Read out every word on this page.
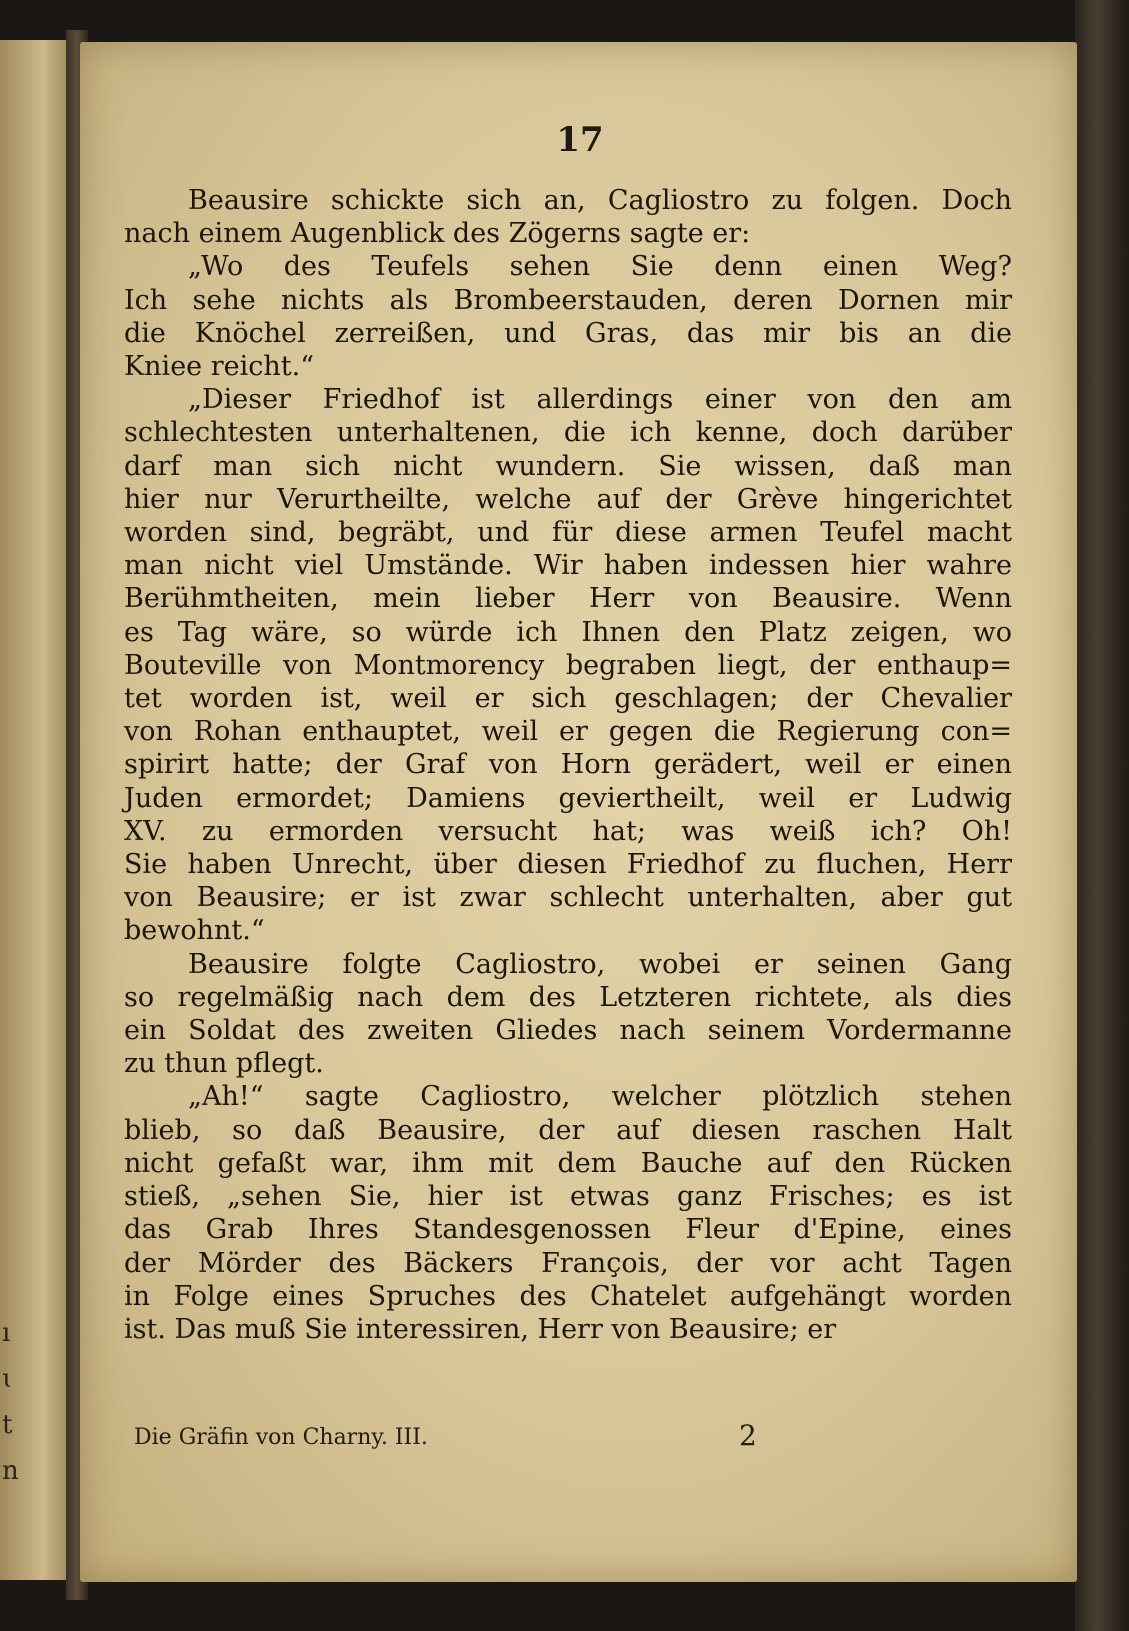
ı
ɩ
t
n
17
Beausire schickte sich an, Cagliostro zu folgen. Doch
nach einem Augenblick des Zögerns sagte er:
„Wo des Teufels sehen Sie denn einen Weg?
Ich sehe nichts als Brombeerstauden, deren Dornen mir
die Knöchel zerreißen, und Gras, das mir bis an die
Kniee reicht.“
„Dieser Friedhof ist allerdings einer von den am
schlechtesten unterhaltenen, die ich kenne, doch darüber
darf man sich nicht wundern. Sie wissen, daß man
hier nur Verurtheilte, welche auf der Grève hingerichtet
worden sind, begräbt, und für diese armen Teufel macht
man nicht viel Umstände. Wir haben indessen hier wahre
Berühmtheiten, mein lieber Herr von Beausire. Wenn
es Tag wäre, so würde ich Ihnen den Platz zeigen, wo
Bouteville von Montmorency begraben liegt, der enthaup=
tet worden ist, weil er sich geschlagen; der Chevalier
von Rohan enthauptet, weil er gegen die Regierung con=
spirirt hatte; der Graf von Horn gerädert, weil er einen
Juden ermordet; Damiens geviertheilt, weil er Ludwig
XV. zu ermorden versucht hat; was weiß ich? Oh!
Sie haben Unrecht, über diesen Friedhof zu fluchen, Herr
von Beausire; er ist zwar schlecht unterhalten, aber gut
bewohnt.“
Beausire folgte Cagliostro, wobei er seinen Gang
so regelmäßig nach dem des Letzteren richtete, als dies
ein Soldat des zweiten Gliedes nach seinem Vordermanne
zu thun pflegt.
„Ah!“ sagte Cagliostro, welcher plötzlich stehen
blieb, so daß Beausire, der auf diesen raschen Halt
nicht gefaßt war, ihm mit dem Bauche auf den Rücken
stieß, „sehen Sie, hier ist etwas ganz Frisches; es ist
das Grab Ihres Standesgenossen Fleur d'Epine, eines
der Mörder des Bäckers François, der vor acht Tagen
in Folge eines Spruches des Chatelet aufgehängt worden
ist. Das muß Sie interessiren, Herr von Beausire; er
Die Gräfin von Charny. III.	2
